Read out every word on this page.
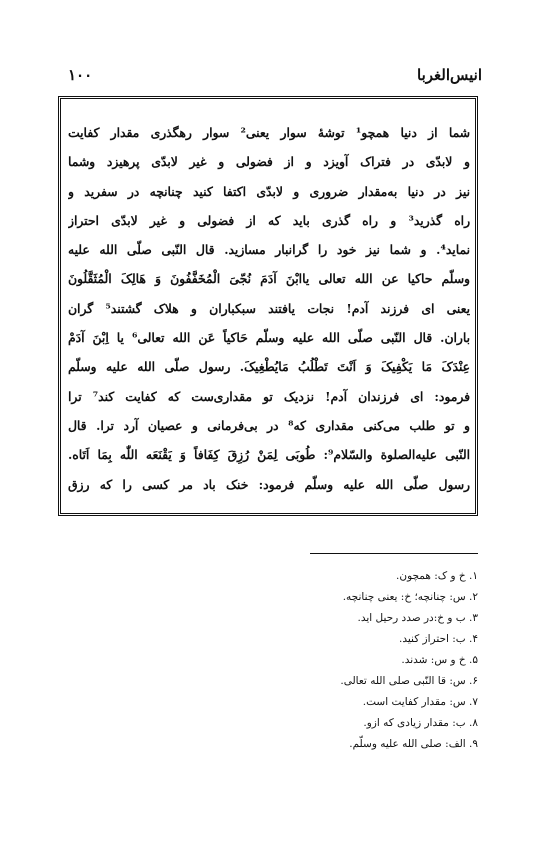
انیس‌الغربا
۱۰۰
شما از دنیا همچو¹ توشهٔ سوار یعنی² سوار رهگذری مقدار کفایت
و لابدّی در فتراک آویزد و از فضولی و غیر لابدّی پرهیزد وشما
نیز در دنیا به‌مقدار ضروری و لابدّی اکتفا کنید چنانچه در سفرید و
راه گذرید³ و راه گذری باید که از فضولی و غیر لابدّی احتراز
نماید⁴. و شما نیز خود را گرانبار مسازید. قال النّبی صلّی الله علیه
وسلّم حاکیا عن الله تعالی یاابْنَ آدَمَ نُجّیَ الْمُخَفَّفُونَ وَ هَالِکَ الْمُثَقَّلُونَ
یعنی ای فرزند آدم! نجات یافتند سبکباران و هلاک گشتند⁵ گران
باران. قال النّبی صلّی الله علیه وسلّم حَاکیاً عَن الله تعالی⁶ یا اِبْنَ آدَمْ
عِنْدَکَ مَا یَکْفِیکَ وَ اَنْتَ تَطْلُبُ مَایُطْغِیکَ. رسول صلّی الله علیه وسلّم
فرمود: ای فرزندان آدم! نزدیک تو مقداری‌ست که کفایت کند⁷ ترا
و تو طلب می‌کنی مقداری که⁸ در بی‌فرمانی و عصیان آرد ترا. قال
النّبی علیه‌الصلوة والسّلام⁹: طُوبَی لِمَنْ رُزِقَ کِفَافاً وَ یَقْنَعَه اللّٰه بِمَا اَتَاه.
رسول صلّی الله علیه وسلّم فرمود: خنک باد مر کسی را که رزق
۱. خ و ک: همچون.
۲. س: چنانچه؛ خ: یعنی چنانچه.
۳. ب و خ:در صدد رحیل اید.
۴. ب: احتراز کنید.
۵. خ و س: شدند.
۶. س: قا النّبی صلی الله تعالی.
۷. س: مقدار کفایت است.
۸. ب: مقدار زیادی که ازو.
۹. الف: صلی الله علیه وسلّم.
